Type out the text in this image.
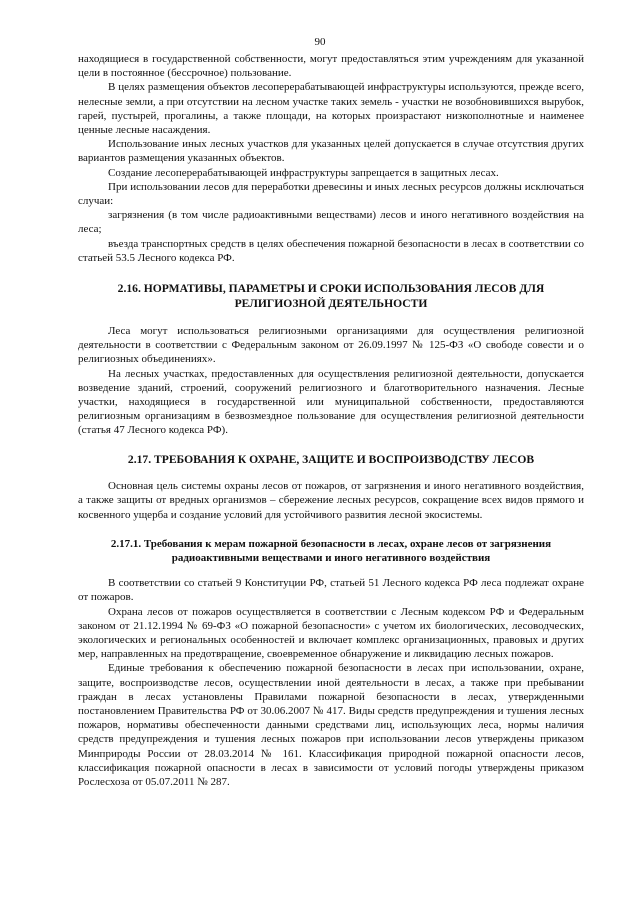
90

находящиеся в государственной собственности, могут предоставляться этим учреждениям для указанной цели в постоянное (бессрочное) пользование.

В целях размещения объектов лесоперерабатывающей инфраструктуры используются, прежде всего, нелесные земли, а при отсутствии на лесном участке таких земель - участки не возобновившихся вырубок, гарей, пустырей, прогалины, а также площади, на которых произрастают низкополнотные и наименее ценные лесные насаждения.

Использование иных лесных участков для указанных целей допускается в случае отсутствия других вариантов размещения указанных объектов.

Создание лесоперерабатывающей инфраструктуры запрещается в защитных лесах.

При использовании лесов для переработки древесины и иных лесных ресурсов должны исключаться случаи:

загрязнения (в том числе радиоактивными веществами) лесов и иного негативного воздействия на леса;

въезда транспортных средств в целях обеспечения пожарной безопасности в лесах в соответствии со статьей 53.5 Лесного кодекса РФ.

2.16. НОРМАТИВЫ, ПАРАМЕТРЫ И СРОКИ ИСПОЛЬЗОВАНИЯ ЛЕСОВ ДЛЯ РЕЛИГИОЗНОЙ ДЕЯТЕЛЬНОСТИ

Леса могут использоваться религиозными организациями для осуществления религиозной деятельности в соответствии с Федеральным законом от 26.09.1997 № 125-ФЗ «О свободе совести и о религиозных объединениях».

На лесных участках, предоставленных для осуществления религиозной деятельности, допускается возведение зданий, строений, сооружений религиозного и благотворительного назначения. Лесные участки, находящиеся в государственной или муниципальной собственности, предоставляются религиозным организациям в безвозмездное пользование для осуществления религиозной деятельности (статья 47 Лесного кодекса РФ).

2.17. ТРЕБОВАНИЯ К ОХРАНЕ, ЗАЩИТЕ И ВОСПРОИЗВОДСТВУ ЛЕСОВ

Основная цель системы охраны лесов от пожаров, от загрязнения и иного негативного воздействия, а также защиты от вредных организмов – сбережение лесных ресурсов, сокращение всех видов прямого и косвенного ущерба и создание условий для устойчивого развития лесной экосистемы.

2.17.1. Требования к мерам пожарной безопасности в лесах, охране лесов от загрязнения радиоактивными веществами и иного негативного воздействия

В соответствии со статьей 9 Конституции РФ, статьей 51 Лесного кодекса РФ леса подлежат охране от пожаров.

Охрана лесов от пожаров осуществляется в соответствии с Лесным кодексом РФ и Федеральным законом от 21.12.1994 № 69-ФЗ «О пожарной безопасности» с учетом их биологических, лесоводческих, экологических и региональных особенностей и включает комплекс организационных, правовых и других мер, направленных на предотвращение, своевременное обнаружение и ликвидацию лесных пожаров.

Единые требования к обеспечению пожарной безопасности в лесах при использовании, охране, защите, воспроизводстве лесов, осуществлении иной деятельности в лесах, а также при пребывании граждан в лесах установлены Правилами пожарной безопасности в лесах, утвержденными постановлением Правительства РФ от 30.06.2007 № 417. Виды средств предупреждения и тушения лесных пожаров, нормативы обеспеченности данными средствами лиц, использующих леса, нормы наличия средств предупреждения и тушения лесных пожаров при использовании лесов утверждены приказом Минприроды России от 28.03.2014 № 161. Классификация природной пожарной опасности лесов, классификация пожарной опасности в лесах в зависимости от условий погоды утверждены приказом Рослесхоза от 05.07.2011 № 287.
